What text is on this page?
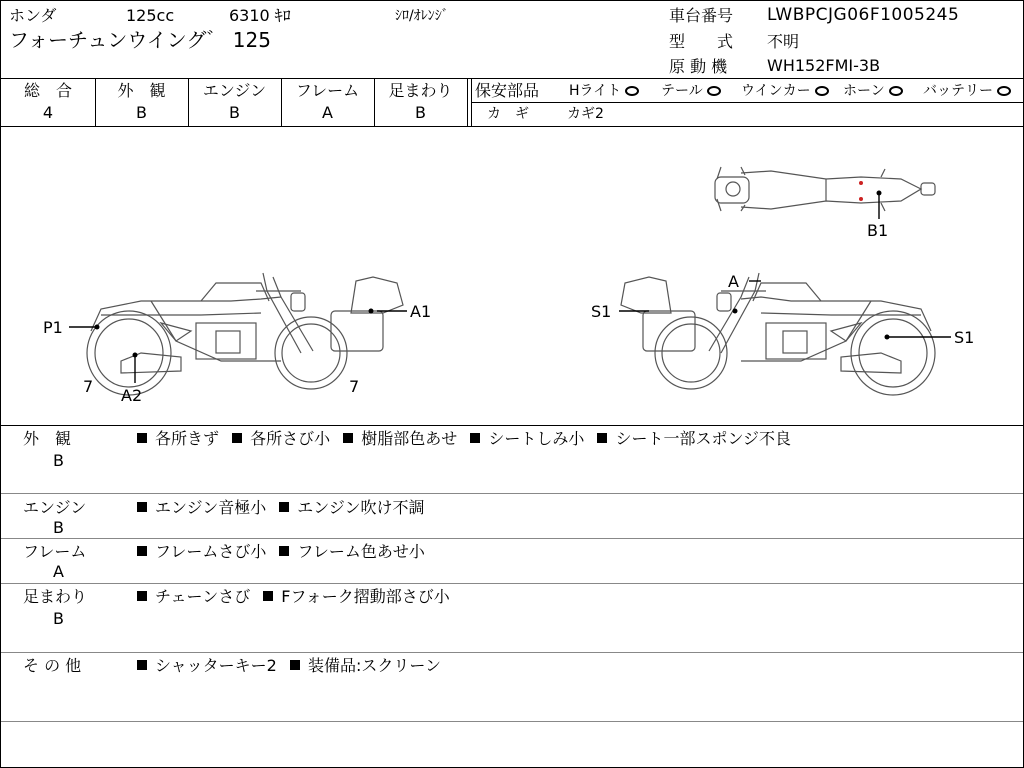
ホンダ	125cc	6310 ｷﾛ	ｼﾛ/ｵﾚﾝｼﾞ
フォーチュンウイング゛ 125
車台番号 LWBPCJG06F1005245
型　　式 不明
原 動 機 WH152FMI-3B
総　合
4
外　観
B
エンジン
B
フレーム
A
足まわり
B
保安部品 Hライト	テール	ウインカー	ホーン	バッテリー
カ　ギ	カギ2
P1
A1
A2
7	7
S1
S1
A
B1
外　観
B
各所きず 各所さび小 樹脂部色あせ シートしみ小 シート一部スポンジ不良
エンジン
B
エンジン音極小 エンジン吹け不調
フレーム
A
フレームさび小 フレーム色あせ小
足まわり
B
チェーンさび Fフォーク摺動部さび小
そ の 他	シャッターキー2 装備品:スクリーン
